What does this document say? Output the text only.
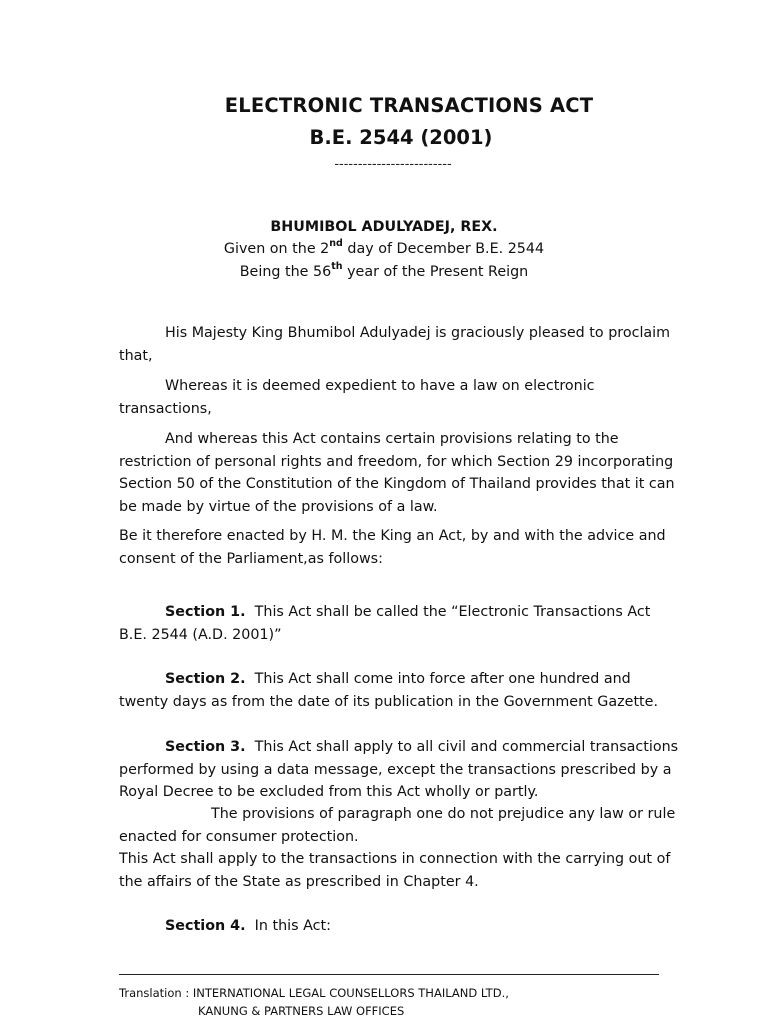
ELECTRONIC TRANSACTIONS ACT
B.E. 2544 (2001)
-------------------------
BHUMIBOL ADULYADEJ, REX.
Given on the 2nd day of December B.E. 2544
Being the 56th year of the Present Reign

His Majesty King Bhumibol Adulyadej is graciously pleased to proclaim that,

Whereas it is deemed expedient to have a law on electronic transactions,

And whereas this Act contains certain provisions relating to the restriction of personal rights and freedom, for which Section 29 incorporating Section 50 of the Constitution of the Kingdom of Thailand provides that it can be made by virtue of the provisions of a law.

Be it therefore enacted by H. M. the King an Act, by and with the advice and consent of the Parliament,as follows:

Section 1. This Act shall be called the “Electronic Transactions Act B.E. 2544 (A.D. 2001)”

Section 2. This Act shall come into force after one hundred and twenty days as from the date of its publication in the Government Gazette.

Section 3. This Act shall apply to all civil and commercial transactions performed by using a data message, except the transactions prescribed by a Royal Decree to be excluded from this Act wholly or partly.

The provisions of paragraph one do not prejudice any law or rule enacted for consumer protection.

This Act shall apply to the transactions in connection with the carrying out of the affairs of the State as prescribed in Chapter 4.

Section 4. In this Act:

Translation : INTERNATIONAL LEGAL COUNSELLORS THAILAND LTD.,
KANUNG & PARTNERS LAW OFFICES
